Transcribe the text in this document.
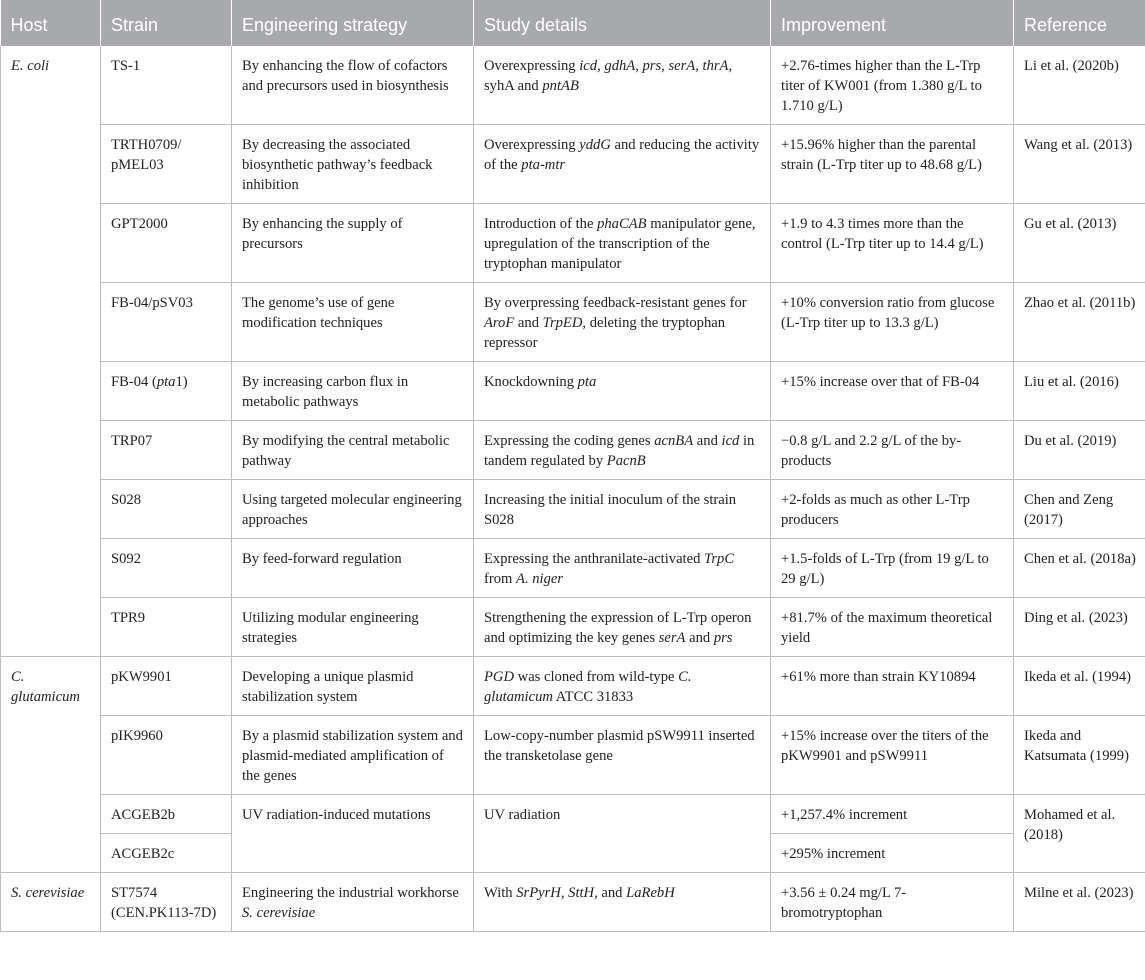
Host	Strain	Engineering strategy	Study details	Improvement	Reference
E. coli	TS-1	By enhancing the flow of cofactors and precursors used in biosynthesis	Overexpressing icd, gdhA, prs, serA, thrA, syhA and pntAB	+2.76-times higher than the L-Trp titer of KW001 (from 1.380 g/L to 1.710 g/L)	Li et al. (2020b)
	TRTH0709/ pMEL03	By decreasing the associated biosynthetic pathway’s feedback inhibition	Overexpressing yddG and reducing the activity of the pta-mtr	+15.96% higher than the parental strain (L-Trp titer up to 48.68 g/L)	Wang et al. (2013)
	GPT2000	By enhancing the supply of precursors	Introduction of the phaCAB manipulator gene, upregulation of the transcription of the tryptophan manipulator	+1.9 to 4.3 times more than the control (L-Trp titer up to 14.4 g/L)	Gu et al. (2013)
	FB-04/pSV03	The genome’s use of gene modification techniques	By overpressing feedback-resistant genes for AroF and TrpED, deleting the tryptophan repressor	+10% conversion ratio from glucose (L-Trp titer up to 13.3 g/L)	Zhao et al. (2011b)
	FB-04 (pta1)	By increasing carbon flux in metabolic pathways	Knockdowning pta	+15% increase over that of FB-04	Liu et al. (2016)
	TRP07	By modifying the central metabolic pathway	Expressing the coding genes acnBA and icd in tandem regulated by PacnB	−0.8 g/L and 2.2 g/L of the by-products	Du et al. (2019)
	S028	Using targeted molecular engineering approaches	Increasing the initial inoculum of the strain S028	+2-folds as much as other L-Trp producers	Chen and Zeng (2017)
	S092	By feed-forward regulation	Expressing the anthranilate-activated TrpC from A. niger	+1.5-folds of L-Trp (from 19 g/L to 29 g/L)	Chen et al. (2018a)
	TPR9	Utilizing modular engineering strategies	Strengthening the expression of L-Trp operon and optimizing the key genes serA and prs	+81.7% of the maximum theoretical yield	Ding et al. (2023)
C. glutamicum	pKW9901	Developing a unique plasmid stabilization system	PGD was cloned from wild-type C. glutamicum ATCC 31833	+61% more than strain KY10894	Ikeda et al. (1994)
	pIK9960	By a plasmid stabilization system and plasmid-mediated amplification of the genes	Low-copy-number plasmid pSW9911 inserted the transketolase gene	+15% increase over the titers of the pKW9901 and pSW9911	Ikeda and Katsumata (1999)
	ACGEB2b	UV radiation-induced mutations	UV radiation	+1,257.4% increment	Mohamed et al. (2018)
	ACGEB2c			+295% increment	
S. cerevisiae	ST7574 (CEN.PK113-7D)	Engineering the industrial workhorse S. cerevisiae	With SrPyrH, SttH, and LaRebH	+3.56 ± 0.24 mg/L 7-bromotryptophan	Milne et al. (2023)
